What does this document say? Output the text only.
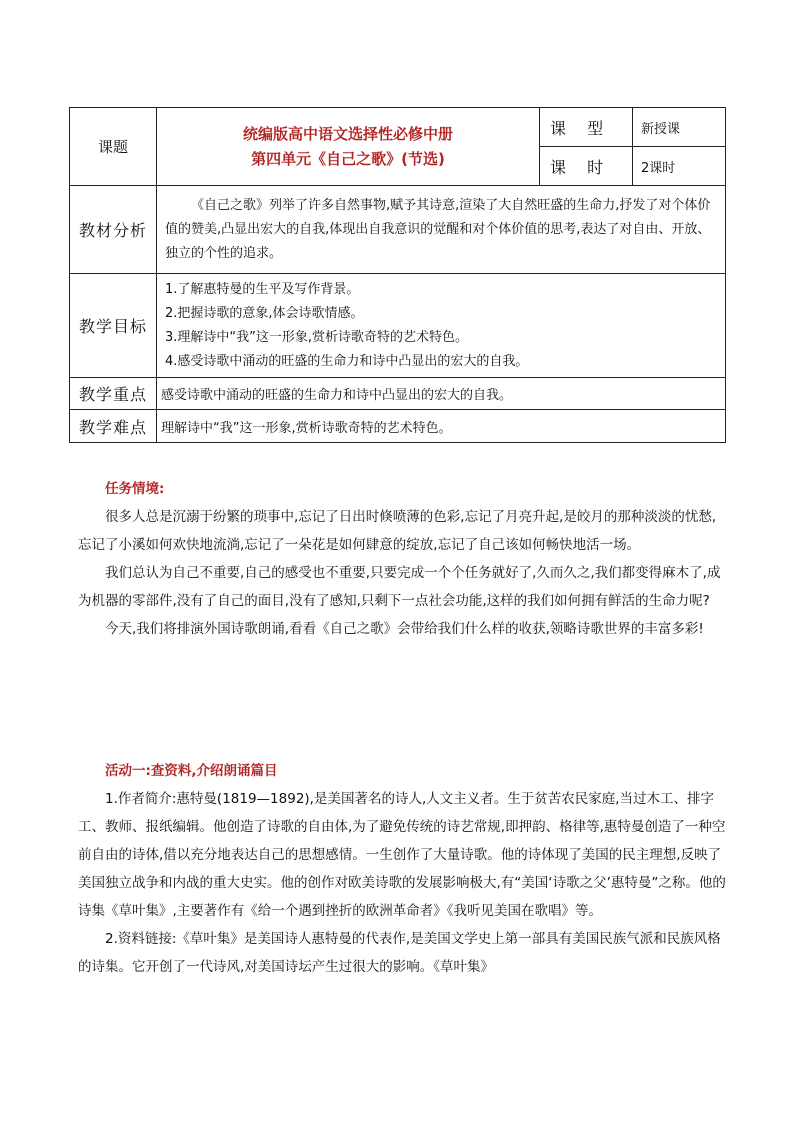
课题	统编版高中语文选择性必修中册
第四单元《自己之歌》(节选)	课 型	新授课
		课 时	2课时
教材分析	《自己之歌》列举了许多自然事物,赋予其诗意,渲染了大自然旺盛的生命力,抒发了对个体价值的赞美,凸显出宏大的自我,体现出自我意识的觉醒和对个体价值的思考,表达了对自由、开放、独立的个性的追求。		
教学目标	1.了解惠特曼的生平及写作背景。
2.把握诗歌的意象,体会诗歌情感。
3.理解诗中“我”这一形象,赏析诗歌奇特的艺术特色。
4.感受诗歌中涌动的旺盛的生命力和诗中凸显出的宏大的自我。		

教学重点	感受诗歌中涌动的旺盛的生命力和诗中凸显出的宏大的自我。		
教学难点	理解诗中“我”这一形象,赏析诗歌奇特的艺术特色。		
任务情境:

很多人总是沉溺于纷繁的琐事中,忘记了日出时倏喷薄的色彩,忘记了月亮升起,是皎月的那种淡淡的忧愁,忘记了小溪如何欢快地流淌,忘记了一朵花是如何肆意的绽放,忘记了自己该如何畅快地活一场。

我们总认为自己不重要,自己的感受也不重要,只要完成一个个任务就好了,久而久之,我们都变得麻木了,成为机器的零部件,没有了自己的面目,没有了感知,只剩下一点社会功能,这样的我们如何拥有鲜活的生命力呢?

今天,我们将排演外国诗歌朗诵,看看《自己之歌》会带给我们什么样的收获,领略诗歌世界的丰富多彩!

活动一:查资料,介绍朗诵篇目

1.作者简介:惠特曼(1819—1892),是美国著名的诗人,人文主义者。生于贫苦农民家庭,当过木工、排字工、教师、报纸编辑。他创造了诗歌的自由体,为了避免传统的诗艺常规,即押韵、格律等,惠特曼创造了一种空前自由的诗体,借以充分地表达自己的思想感情。一生创作了大量诗歌。他的诗体现了美国的民主理想,反映了美国独立战争和内战的重大史实。他的创作对欧美诗歌的发展影响极大,有“美国‘诗歌之父’惠特曼”之称。他的诗集《草叶集》,主要著作有《给一个遇到挫折的欧洲革命者》《我听见美国在歌唱》等。

2.资料链接:《草叶集》是美国诗人惠特曼的代表作,是美国文学史上第一部具有美国民族气派和民族风格的诗集。它开创了一代诗风,对美国诗坛产生过很大的影响。《草叶集》
